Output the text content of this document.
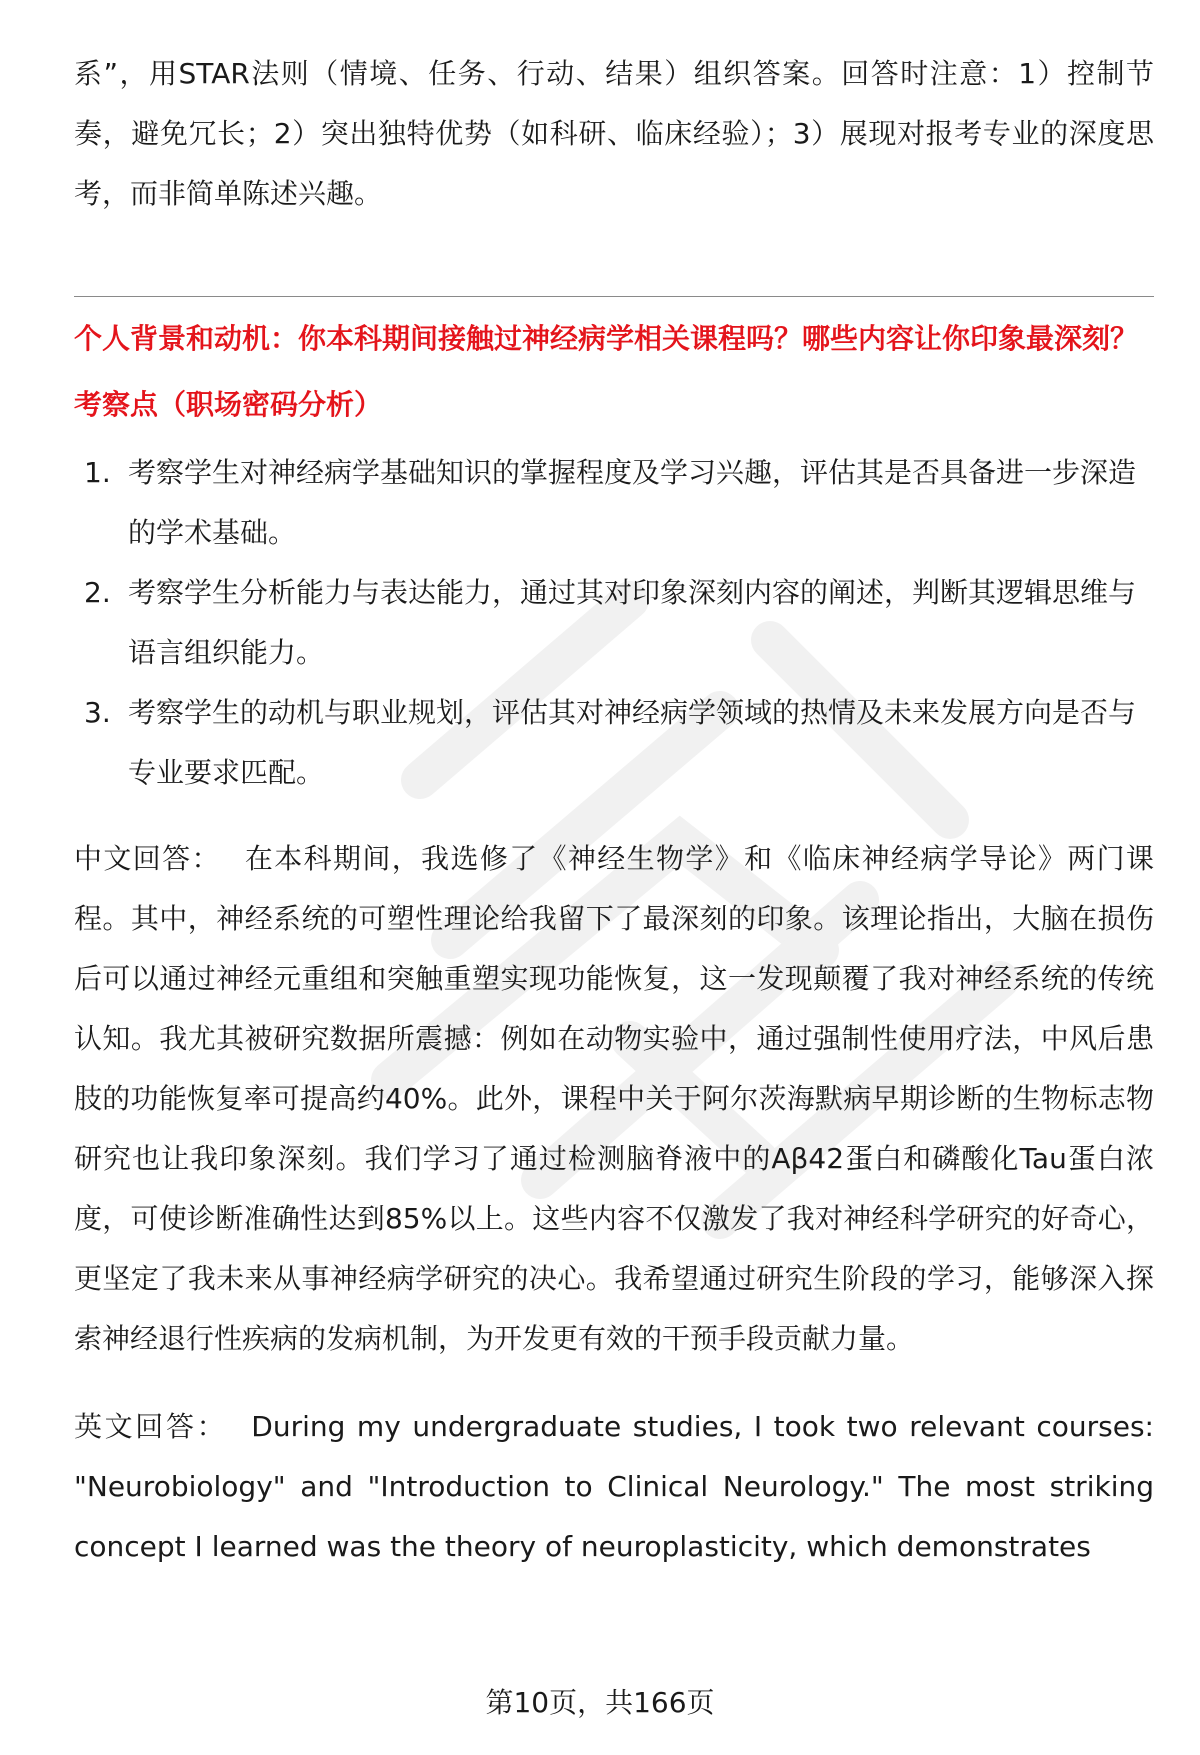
系”，用STAR法则（情境、任务、行动、结果）组织答案。回答时注意：1）控制节奏，避免冗长；2）突出独特优势（如科研、临床经验）；3）展现对报考专业的深度思考，而非简单陈述兴趣。

个人背景和动机：你本科期间接触过神经病学相关课程吗？哪些内容让你印象最深刻？

考察点（职场密码分析）

1. 考察学生对神经病学基础知识的掌握程度及学习兴趣，评估其是否具备进一步深造的学术基础。
2. 考察学生分析能力与表达能力，通过其对印象深刻内容的阐述，判断其逻辑思维与语言组织能力。
3. 考察学生的动机与职业规划，评估其对神经病学领域的热情及未来发展方向是否与专业要求匹配。

中文回答： 在本科期间，我选修了《神经生物学》和《临床神经病学导论》两门课程。其中，神经系统的可塑性理论给我留下了最深刻的印象。该理论指出，大脑在损伤后可以通过神经元重组和突触重塑实现功能恢复，这一发现颠覆了我对神经系统的传统认知。我尤其被研究数据所震撼：例如在动物实验中，通过强制性使用疗法，中风后患肢的功能恢复率可提高约40%。此外，课程中关于阿尔茨海默病早期诊断的生物标志物研究也让我印象深刻。我们学习了通过检测脑脊液中的Aβ42蛋白和磷酸化Tau蛋白浓度，可使诊断准确性达到85%以上。这些内容不仅激发了我对神经科学研究的好奇心，更坚定了我未来从事神经病学研究的决心。我希望通过研究生阶段的学习，能够深入探索神经退行性疾病的发病机制，为开发更有效的干预手段贡献力量。

英文回答： During my undergraduate studies, I took two relevant courses: "Neurobiology" and "Introduction to Clinical Neurology." The most striking concept I learned was the theory of neuroplasticity, which demonstrates

第10页，共166页
